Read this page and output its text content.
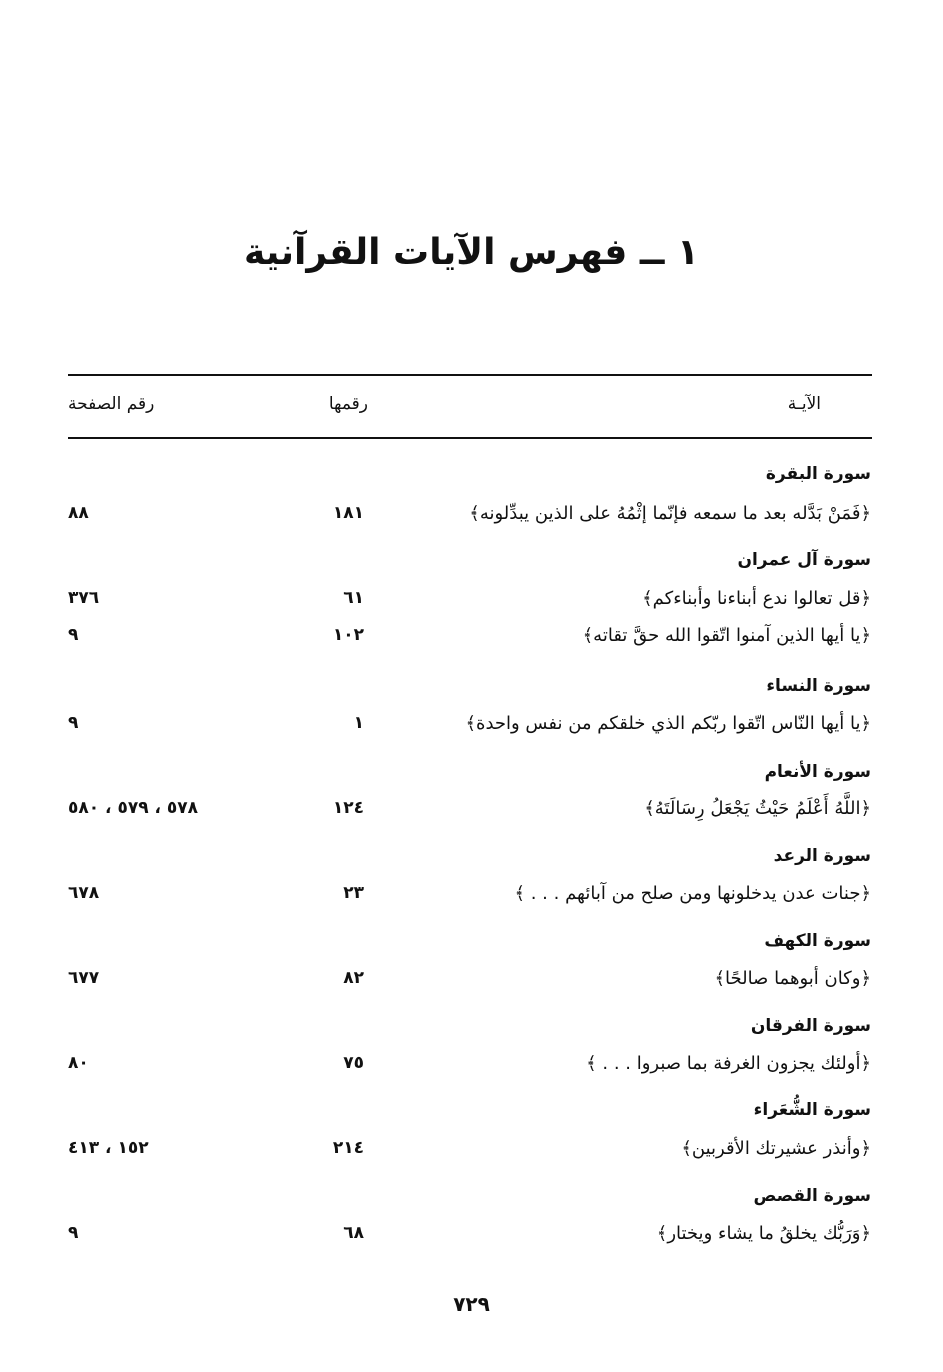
١ ــ فهرس الآيات القرآنية
الآيـة
رقمها
رقم الصفحة
سورة البقرة
﴿فَمَنْ بَدَّله بعد ما سمعه فإنّما إثْمُهُ على الذين يبدِّلونه﴾
١٨١
٨٨
سورة آل عمران
﴿قل تعالوا ندع أبناءنا وأبناءكم﴾
٦١
٣٧٦
﴿يا أيها الذين آمنوا اتّقوا الله حقَّ تقاته﴾
١٠٢
٩
سورة النساء
﴿يا أيها النّاس اتّقوا ربّكم الذي خلقكم من نفس واحدة﴾
١
٩
سورة الأنعام
﴿اللَّهُ أَعْلَمُ حَيْثُ يَجْعَلُ رِسَالَتَهُ﴾
١٢٤
٥٧٨ ، ٥٧٩ ، ٥٨٠
سورة الرعد
﴿جنات عدن يدخلونها ومن صلح من آبائهم . . . ﴾
٢٣
٦٧٨
سورة الكهف
﴿وكان أبوهما صالحًا﴾
٨٢
٦٧٧
سورة الفرقان
﴿أولئك يجزون الغرفة بما صبروا . . . ﴾
٧٥
٨٠
سورة الشُّعَراء
﴿وأنذر عشيرتك الأقربين﴾
٢١٤
١٥٢ ، ٤١٣
سورة القصص
﴿وَرَبُّك يخلقُ ما يشاء ويختار﴾
٦٨
٩
٧٢٩
